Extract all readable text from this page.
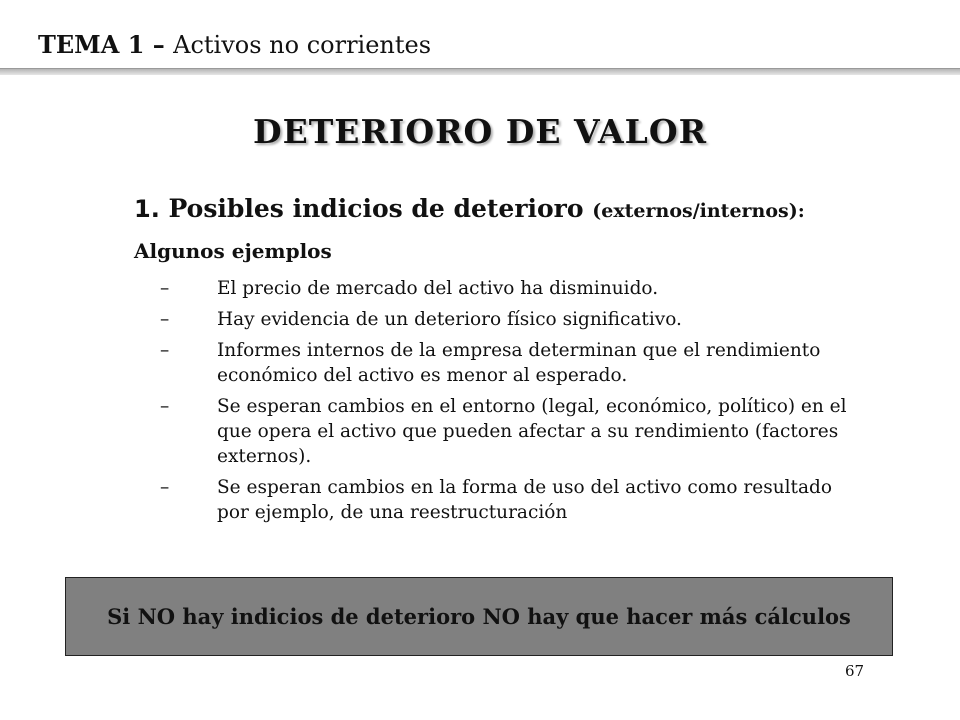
TEMA 1 – Activos no corrientes
DETERIORO DE VALOR
1. Posibles indicios de deterioro (externos/internos):
Algunos ejemplos
–	El precio de mercado del activo ha disminuido.
–	Hay evidencia de un deterioro físico significativo.
–	Informes internos de la empresa determinan que el rendimiento económico del activo es menor al esperado.
–	Se esperan cambios en el entorno (legal, económico, político) en el que opera el activo que pueden afectar a su rendimiento (factores externos).
–	Se esperan cambios en la forma de uso del activo como resultado por ejemplo, de una reestructuración
Si NO hay indicios de deterioro NO hay que hacer más cálculos
67
